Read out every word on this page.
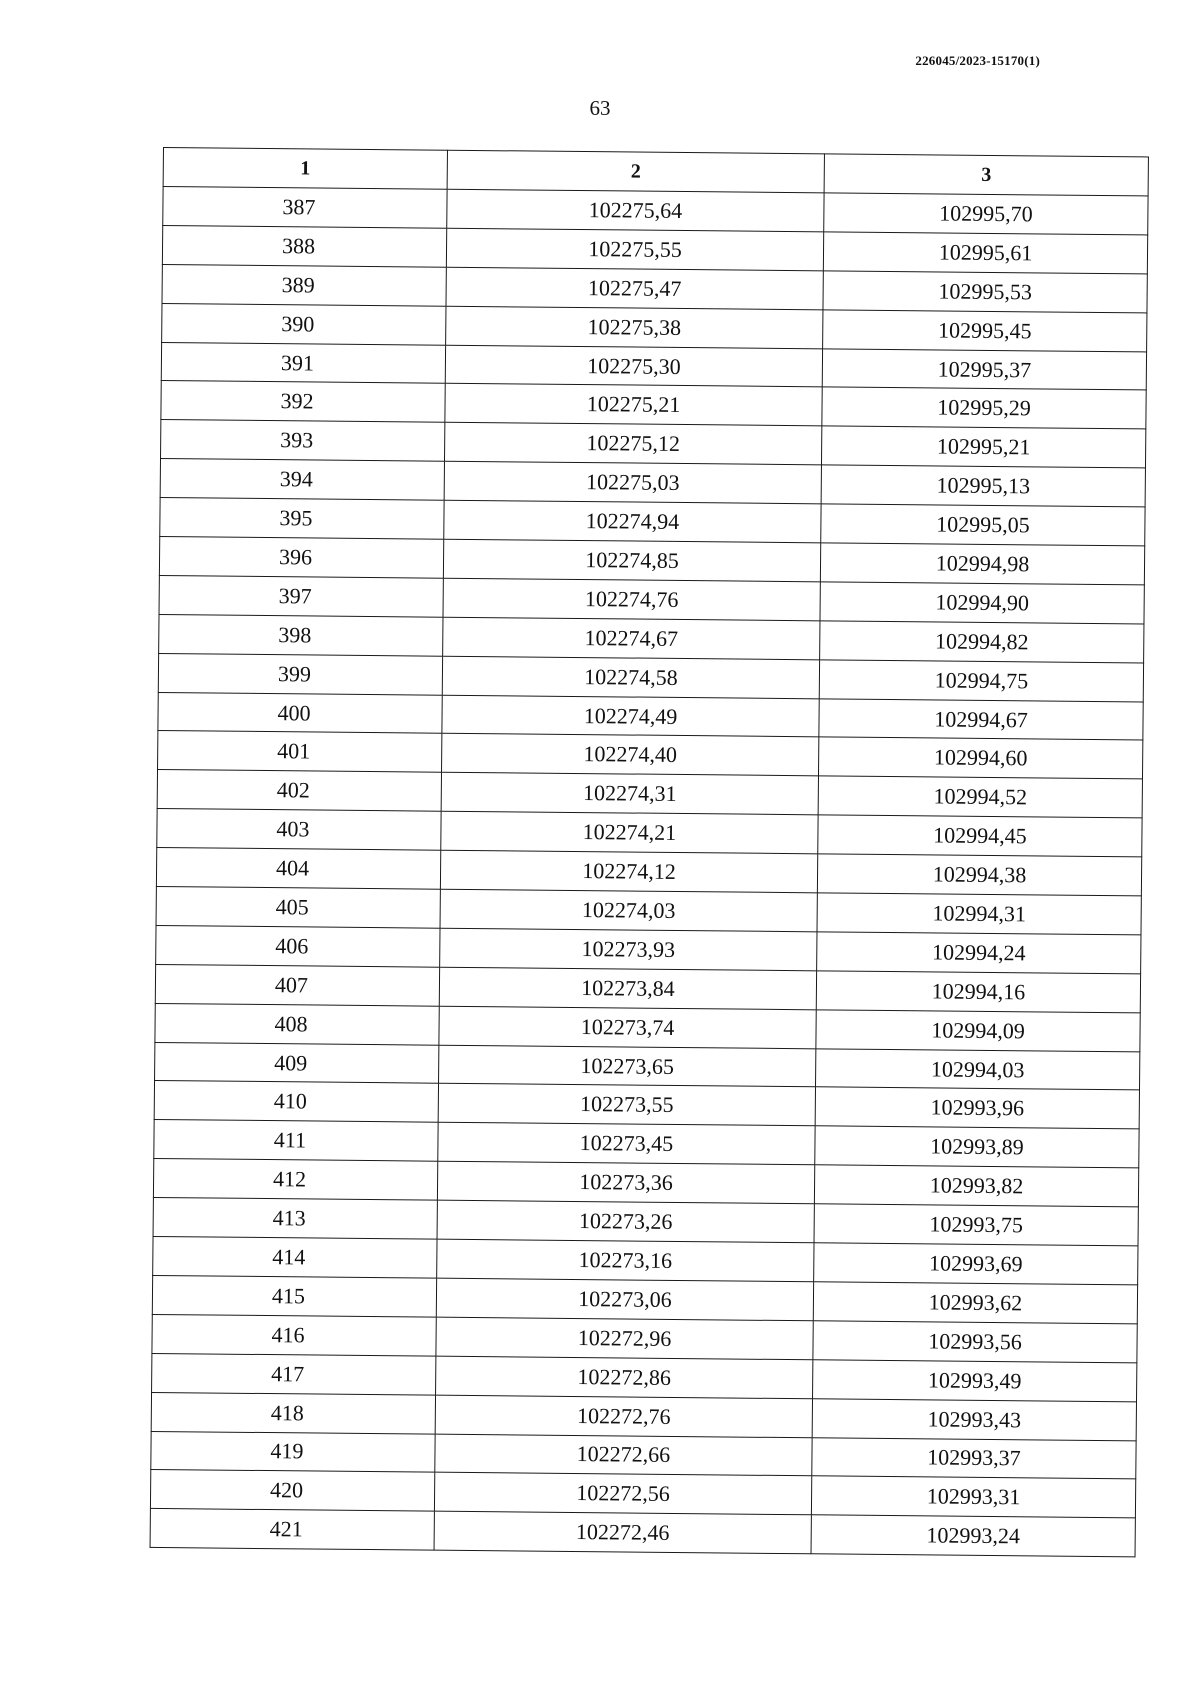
226045/2023-15170(1)
63
1	2	3
387	102275,64	102995,70
388	102275,55	102995,61
389	102275,47	102995,53
390	102275,38	102995,45
391	102275,30	102995,37
392	102275,21	102995,29
393	102275,12	102995,21
394	102275,03	102995,13
395	102274,94	102995,05
396	102274,85	102994,98
397	102274,76	102994,90
398	102274,67	102994,82
399	102274,58	102994,75
400	102274,49	102994,67
401	102274,40	102994,60
402	102274,31	102994,52
403	102274,21	102994,45
404	102274,12	102994,38
405	102274,03	102994,31
406	102273,93	102994,24
407	102273,84	102994,16
408	102273,74	102994,09
409	102273,65	102994,03
410	102273,55	102993,96
411	102273,45	102993,89
412	102273,36	102993,82
413	102273,26	102993,75
414	102273,16	102993,69
415	102273,06	102993,62
416	102272,96	102993,56
417	102272,86	102993,49
418	102272,76	102993,43
419	102272,66	102993,37
420	102272,56	102993,31
421	102272,46	102993,24
